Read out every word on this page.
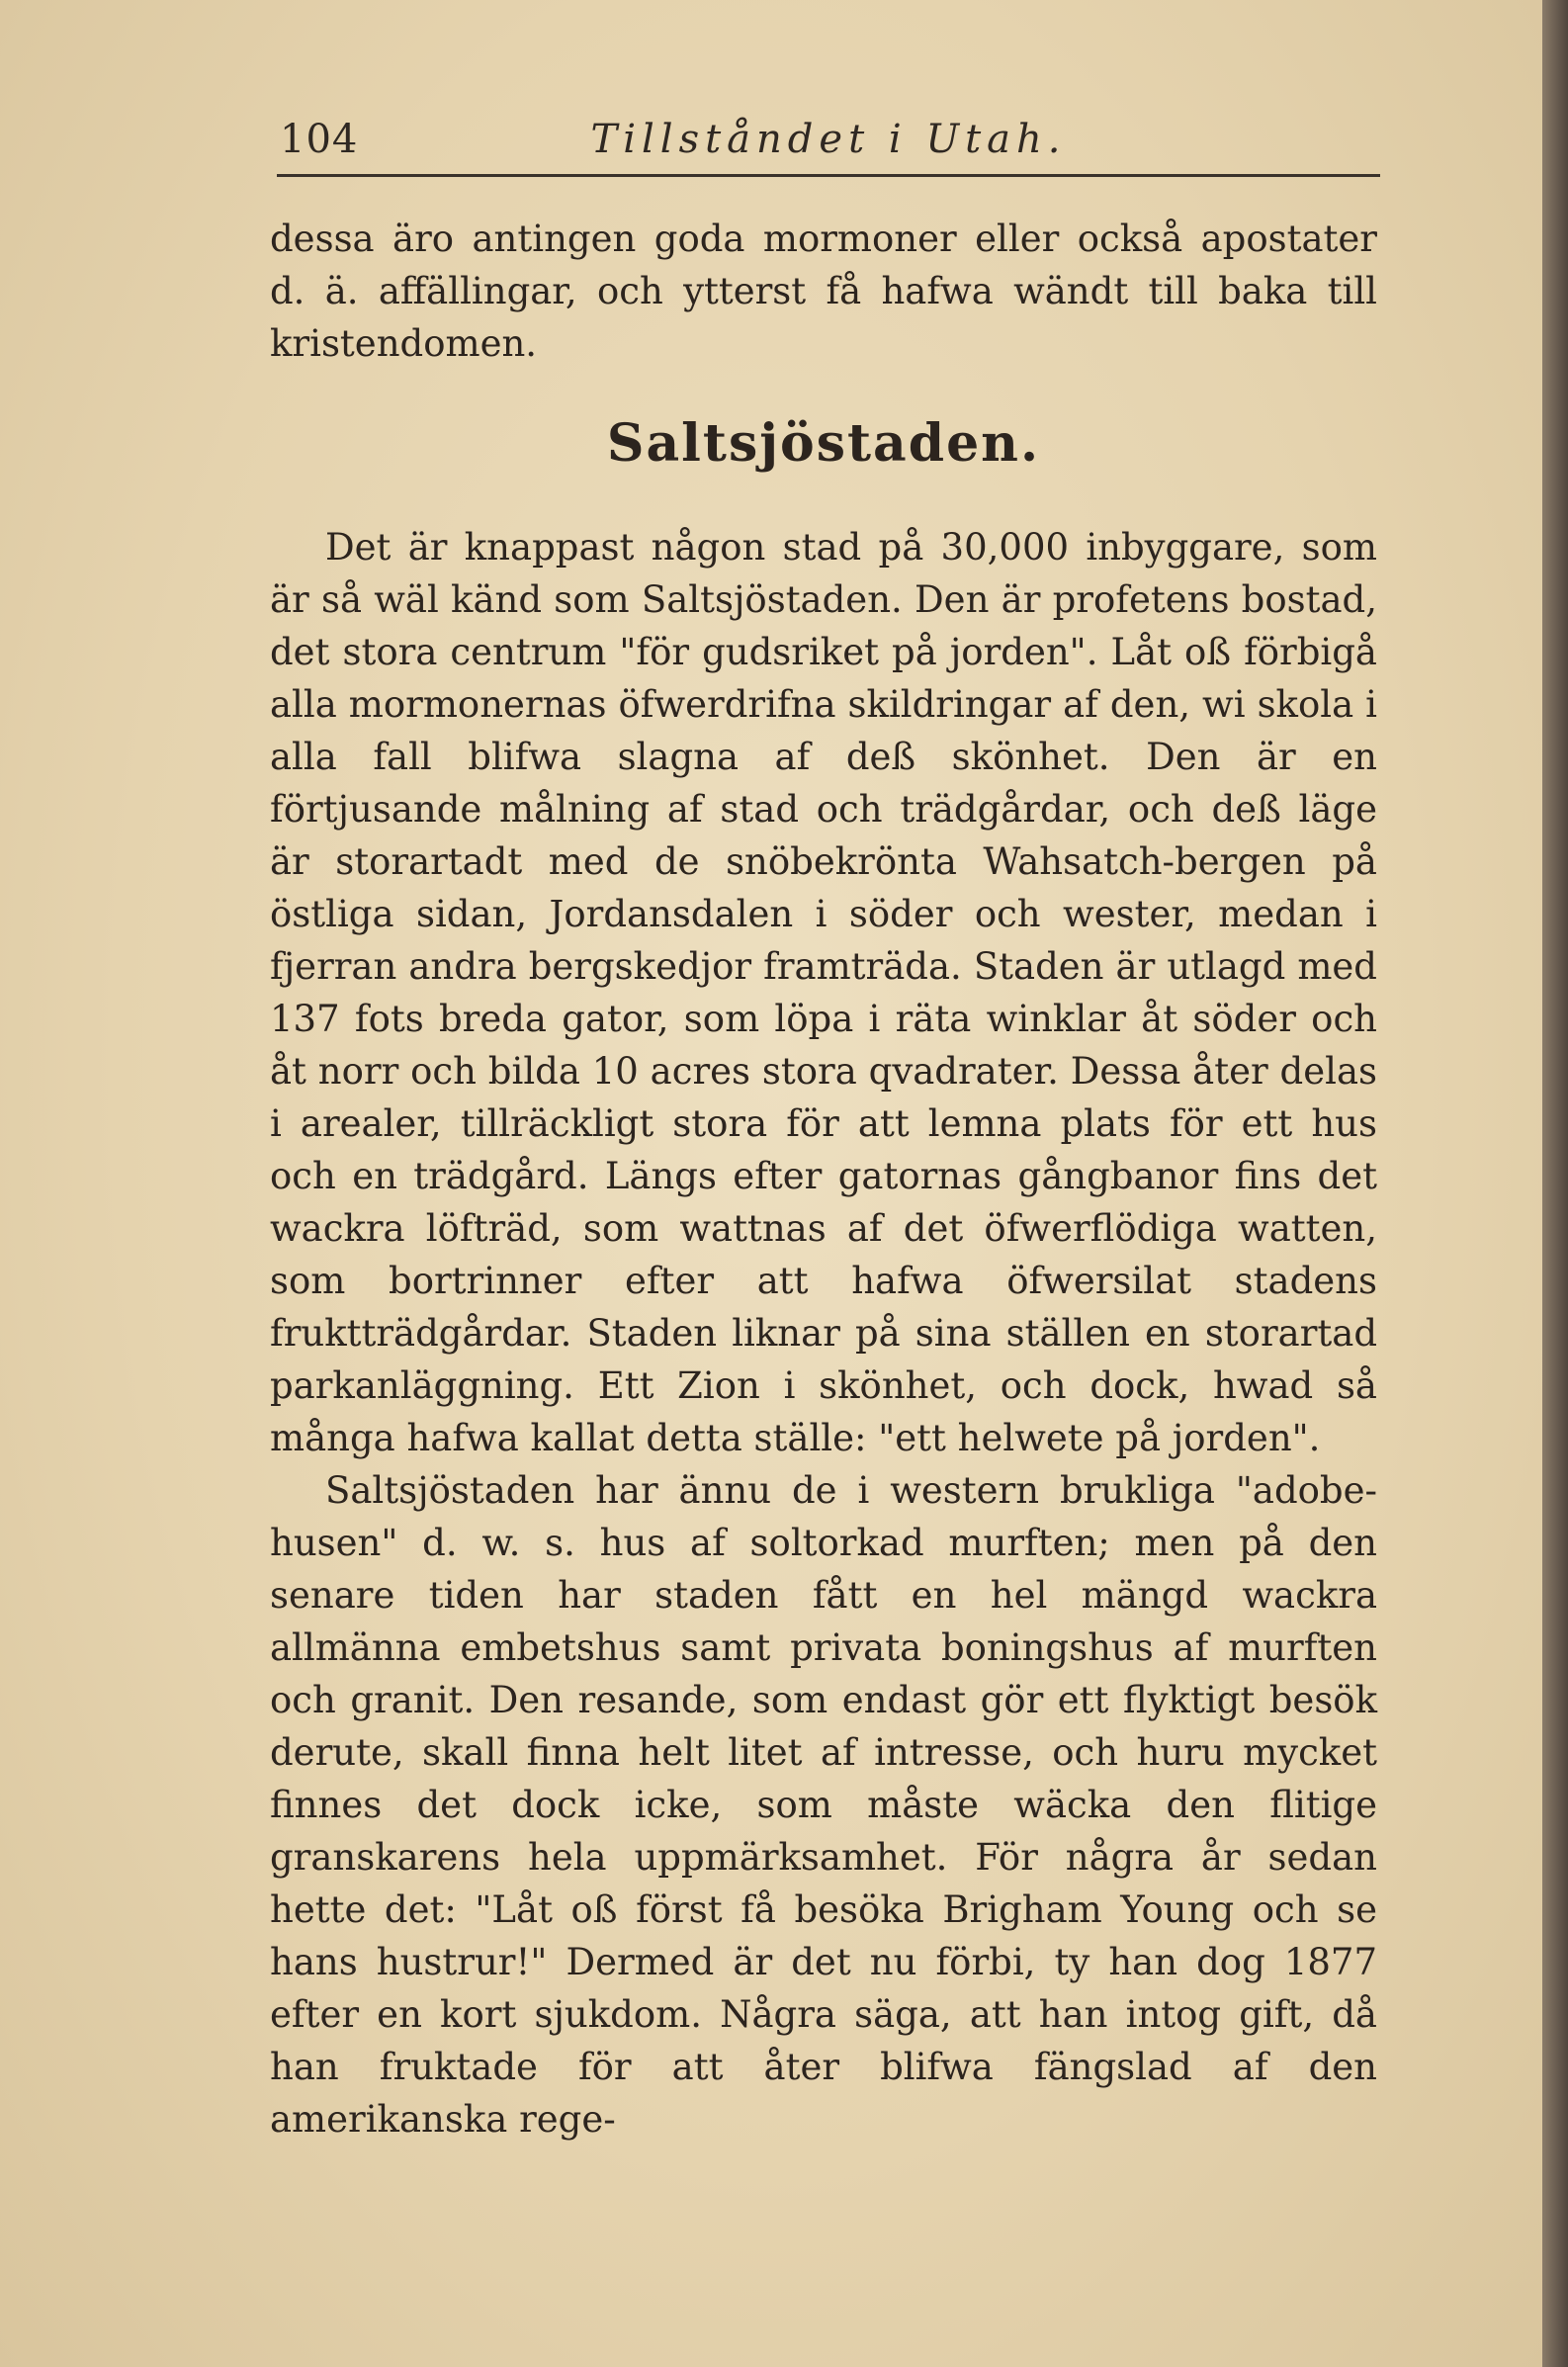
104	Tillståndet i Utah.

dessa äro antingen goda mormoner eller också apostater d. ä. affällingar, och ytterst få hafwa wändt till baka till kristendomen.

Saltsjöstaden.

Det är knappast någon stad på 30,000 inbyggare, som är så wäl känd som Saltsjöstaden. Den är profetens bostad, det stora centrum "för gudsriket på jorden". Låt oß förbigå alla mormonernas öfwerdrifna skildringar af den, wi skola i alla fall blifwa slagna af deß skönhet. Den är en förtjusande målning af stad och trädgårdar, och deß läge är storartadt med de snöbekrönta Wahsatch-bergen på östliga sidan, Jordansdalen i söder och wester, medan i fjerran andra bergskedjor framträda. Staden är utlagd med 137 fots breda gator, som löpa i räta winklar åt söder och åt norr och bilda 10 acres stora qvadrater. Dessa åter delas i arealer, tillräckligt stora för att lemna plats för ett hus och en trädgård. Längs efter gatornas gångbanor fins det wackra löfträd, som wattnas af det öfwerflödiga watten, som bortrinner efter att hafwa öfwersilat stadens fruktträdgårdar. Staden liknar på sina ställen en storartad parkanläggning. Ett Zion i skönhet, och dock, hwad så många hafwa kallat detta ställe: "ett helwete på jorden".

Saltsjöstaden har ännu de i western brukliga "adobe-husen" d. w. s. hus af soltorkad murften; men på den senare tiden har staden fått en hel mängd wackra allmänna embetshus samt privata boningshus af murften och granit. Den resande, som endast gör ett flyktigt besök derute, skall finna helt litet af intresse, och huru mycket finnes det dock icke, som måste wäcka den flitige granskarens hela uppmärksamhet. För några år sedan hette det: "Låt oß först få besöka Brigham Young och se hans hustrur!" Dermed är det nu förbi, ty han dog 1877 efter en kort sjukdom. Några säga, att han intog gift, då han fruktade för att åter blifwa fängslad af den amerikanska rege-
